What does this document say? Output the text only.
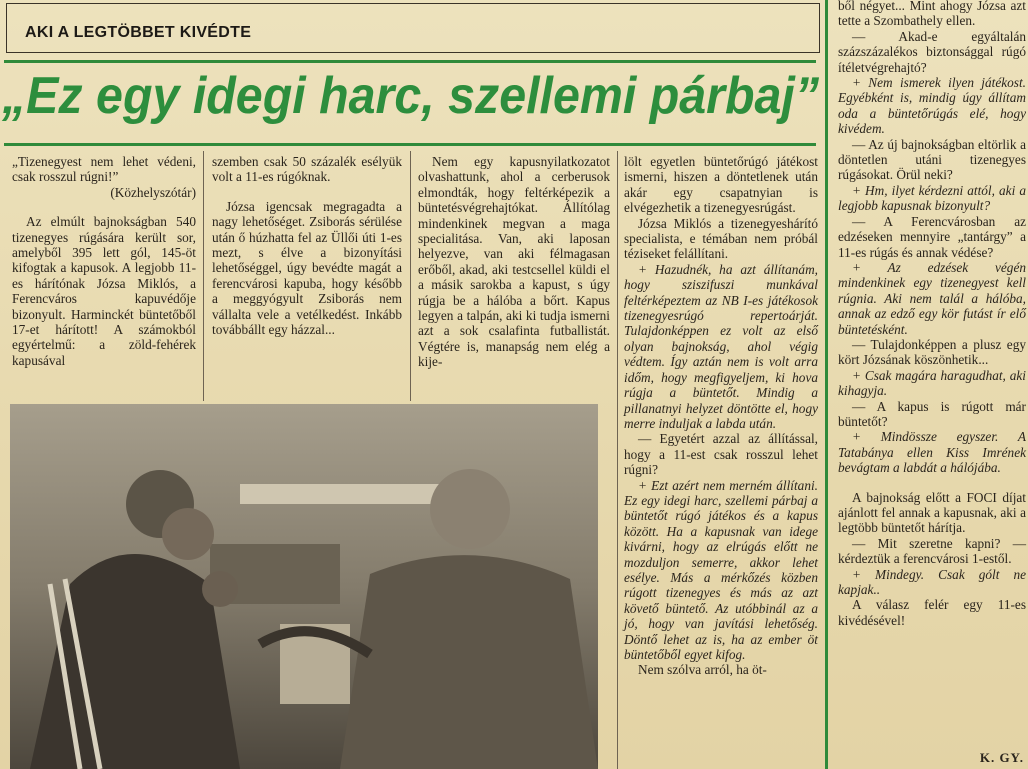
AKI A LEGTÖBBET KIVÉDTE
„Ez egy idegi harc, szellemi párbaj”

„Tizenegyest nem lehet védeni, csak rosszul rúgni!”

(Közhelyszótár)

Az elmúlt bajnokságban 540 tizenegyes rúgására került sor, amelyből 395 lett gól, 145-öt kifogtak a kapusok. A legjobb 11-es hárítónak Józsa Miklós, a Ferencváros kapuvédője bizonyult. Harminckét büntetőből 17-et hárított! A számokból egyértelmű: a zöld-fehérek kapusával

szemben csak 50 százalék esélyük volt a 11-es rúgóknak.

Józsa igencsak megragadta a nagy lehetőséget. Zsiborás sérülése után ő húzhatta fel az Üllői úti 1-es mezt, s élve a bizonyítási lehetőséggel, úgy bevédte magát a ferencvárosi kapuba, hogy később a meggyógyult Zsiborás nem vállalta vele a vetélkedést. Inkább továbbállt egy házzal...

Nem egy kapusnyilatkozatot olvashattunk, ahol a cerberusok elmondták, hogy feltérképezik a büntetésvégrehajtókat. Állítólag mindenkinek megvan a maga specialitása. Van, aki laposan helyezve, van aki félmagasan erőből, akad, aki testcsellel küldi el a másik sarokba a kapust, s úgy rúgja be a hálóba a bőrt. Kapus legyen a talpán, aki ki tudja ismerni azt a sok csalafinta futballistát. Végtére is, manapság nem elég a kije-

lölt egyetlen büntetőrúgó játékost ismerni, hiszen a döntetlenek után akár egy csapatnyian is elvégezhetik a tizenegyesrúgást.

Józsa Miklós a tizenegyeshárító specialista, e témában nem próbál téziseket felállítani.

+ Hazudnék, ha azt állítanám, hogy sziszifuszi munkával feltérképeztem az NB I-es játékosok tizenegyesrúgó repertoárját. Tulajdonképpen ez volt az első olyan bajnokság, ahol végig védtem. Így aztán nem is volt arra időm, hogy megfigyeljem, ki hova rúgja a büntetőt. Mindig a pillanatnyi helyzet döntötte el, hogy merre induljak a labda után.

— Egyetért azzal az állítással, hogy a 11-est csak rosszul lehet rúgni?

+ Ezt azért nem merném állítani. Ez egy idegi harc, szellemi párbaj a büntetőt rúgó játékos és a kapus között. Ha a kapusnak van idege kivárni, hogy az elrúgás előtt ne mozduljon semerre, akkor lehet esélye. Más a mérkőzés közben rúgott tizenegyes és más az azt követő büntető. Az utóbbinál az a jó, hogy van javítási lehetőség. Döntő lehet az is, ha az ember öt büntetőből egyet kifog.

Nem szólva arról, ha öt-

ből négyet... Mint ahogy Józsa azt tette a Szombathely ellen.

— Akad-e egyáltalán százszázalékos biztonsággal rúgó ítéletvégrehajtó?

+ Nem ismerek ilyen játékost. Egyébként is, mindig úgy állítam oda a büntetőrúgás elé, hogy kivédem.

— Az új bajnokságban eltörlik a döntetlen utáni tizenegyes rúgásokat. Örül neki?

+ Hm, ilyet kérdezni attól, aki a legjobb kapusnak bizonyult?

— A Ferencvárosban az edzéseken mennyire „tantárgy” a 11-es rúgás és annak védése?

+ Az edzések végén mindenkinek egy tizenegyest kell rúgnia. Aki nem talál a hálóba, annak az edző egy kör futást ír elő büntetésként.

— Tulajdonképpen a plusz egy kört Józsának köszönhetik...

+ Csak magára haragudhat, aki kihagyja.

— A kapus is rúgott már büntetőt?

+ Mindössze egyszer. A Tatabánya ellen Kiss Imrének bevágtam a labdát a hálójába.

A bajnokság előtt a FOCI díjat ajánlott fel annak a kapusnak, aki a legtöbb büntetőt hárítja.

— Mit szeretne kapni? — kérdeztük a ferencvárosi 1-estől.

+ Mindegy. Csak gólt ne kapjak..

A válasz felér egy 11-es kivédésével!

K. GY.
